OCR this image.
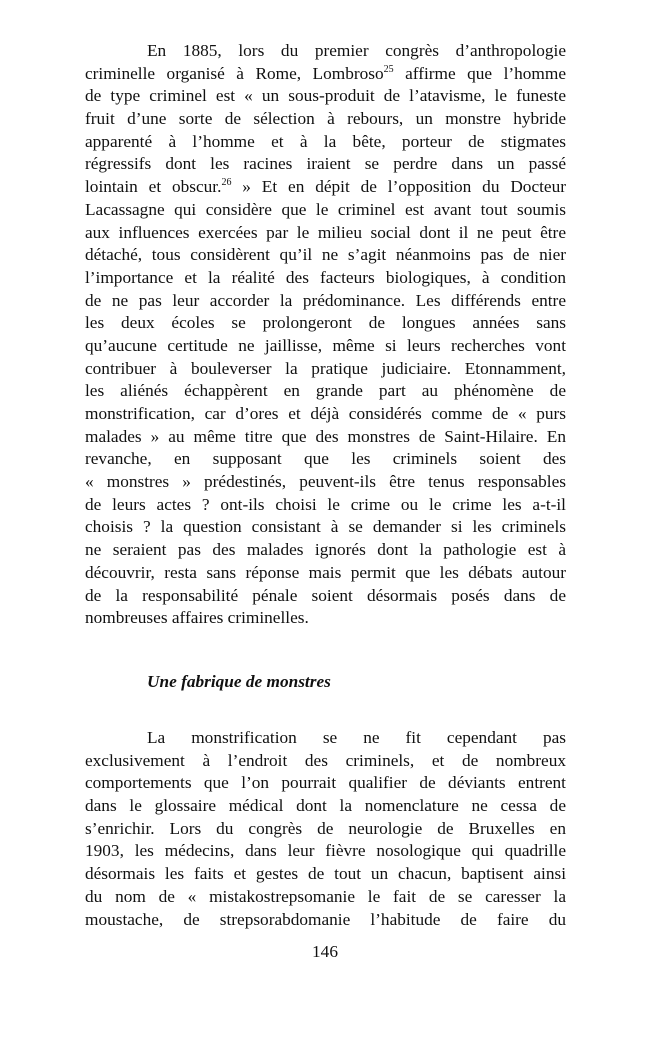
En 1885, lors du premier congrès d’anthropologie
criminelle organisé à Rome, Lombroso$^{25}$ affirme que l’homme
de type criminel est « un sous-produit de l’atavisme, le funeste
fruit d’une sorte de sélection à rebours, un monstre hybride
apparenté à l’homme et à la bête, porteur de stigmates
régressifs dont les racines iraient se perdre dans un passé
lointain et obscur.$^{26}$ » Et en dépit de l’opposition du Docteur
Lacassagne qui considère que le criminel est avant tout soumis
aux influences exercées par le milieu social dont il ne peut être
détaché, tous considèrent qu’il ne s’agit néanmoins pas de nier
l’importance et la réalité des facteurs biologiques, à condition
de ne pas leur accorder la prédominance. Les différends entre
les deux écoles se prolongeront de longues années sans
qu’aucune certitude ne jaillisse, même si leurs recherches vont
contribuer à bouleverser la pratique judiciaire. Etonnamment,
les aliénés échappèrent en grande part au phénomène de
monstrification, car d’ores et déjà considérés comme de « purs
malades » au même titre que des monstres de Saint-Hilaire. En
revanche, en supposant que les criminels soient des
« monstres » prédestinés, peuvent-ils être tenus responsables
de leurs actes ? ont-ils choisi le crime ou le crime les a-t-il
choisis ? la question consistant à se demander si les criminels
ne seraient pas des malades ignorés dont la pathologie est à
découvrir, resta sans réponse mais permit que les débats autour
de la responsabilité pénale soient désormais posés dans de
nombreuses affaires criminelles.
Une fabrique de monstres
La monstrification se ne fit cependant pas
exclusivement à l’endroit des criminels, et de nombreux
comportements que l’on pourrait qualifier de déviants entrent
dans le glossaire médical dont la nomenclature ne cessa de
s’enrichir. Lors du congrès de neurologie de Bruxelles en
1903, les médecins, dans leur fièvre nosologique qui quadrille
désormais les faits et gestes de tout un chacun, baptisent ainsi
du nom de « mistakostrepsomanie le fait de se caresser la
moustache, de strepsorabdomanie l’habitude de faire du
146
